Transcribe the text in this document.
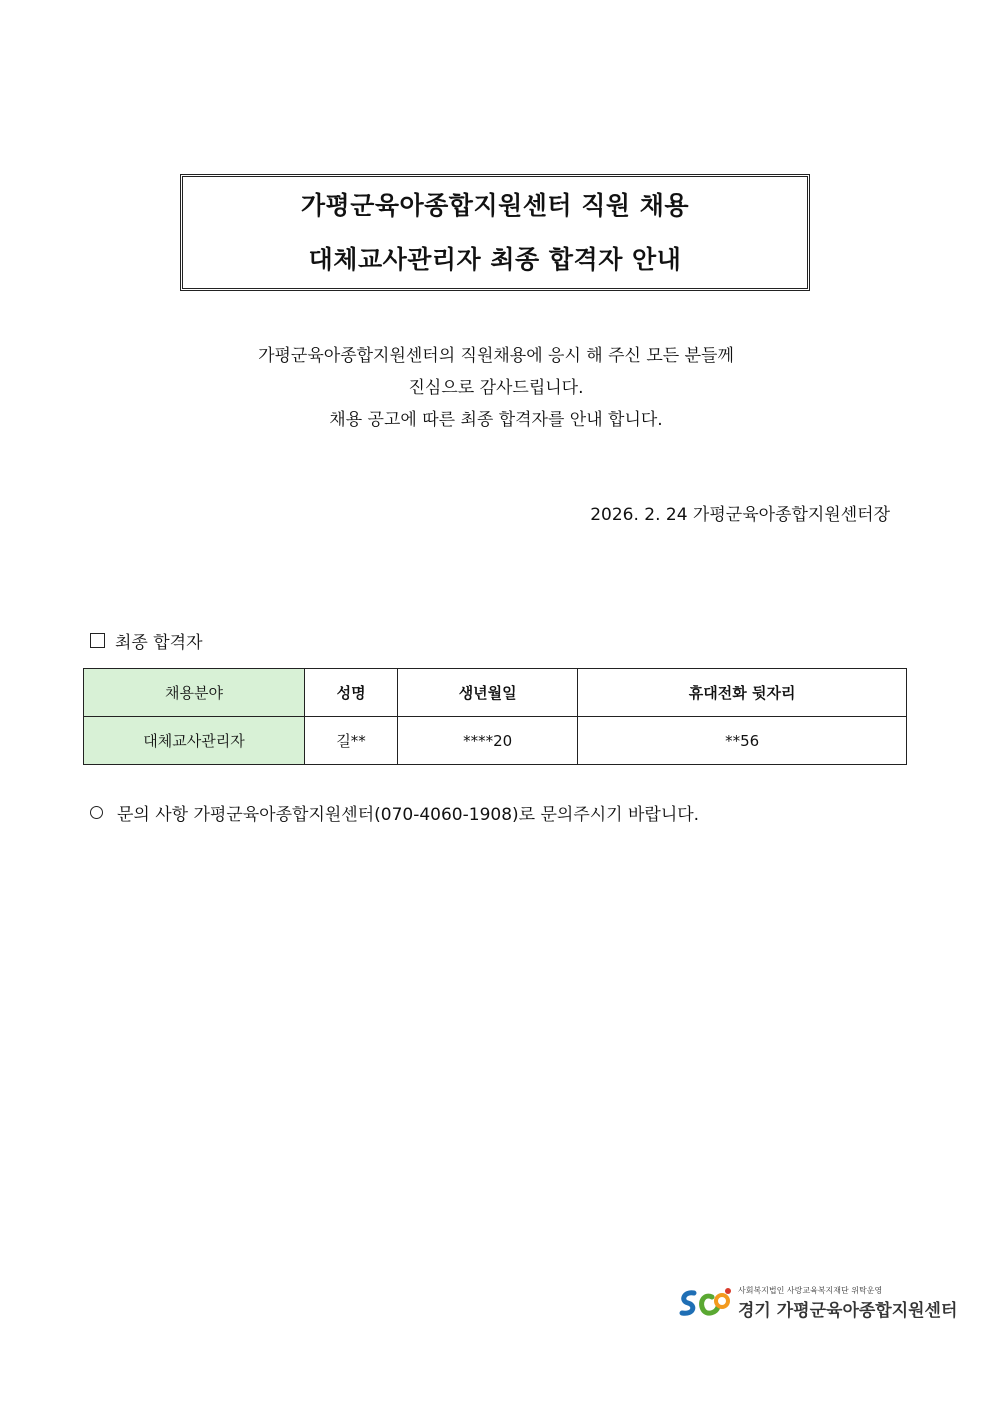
가평군육아종합지원센터 직원 채용
대체교사관리자 최종 합격자 안내
가평군육아종합지원센터의 직원채용에 응시 해 주신 모든 분들께
진심으로 감사드립니다.
채용 공고에 따른 최종 합격자를 안내 합니다.
2026. 2. 24 가평군육아종합지원센터장
최종 합격자
채용분야	성명	생년월일	휴대전화 뒷자리
대체교사관리자	길**	****20	**56
문의 사항 가평군육아종합지원센터(070-4060-1908)로 문의주시기 바랍니다.
사회복지법인 사랑교육복지재단 위탁운영
경기 가평군육아종합지원센터
